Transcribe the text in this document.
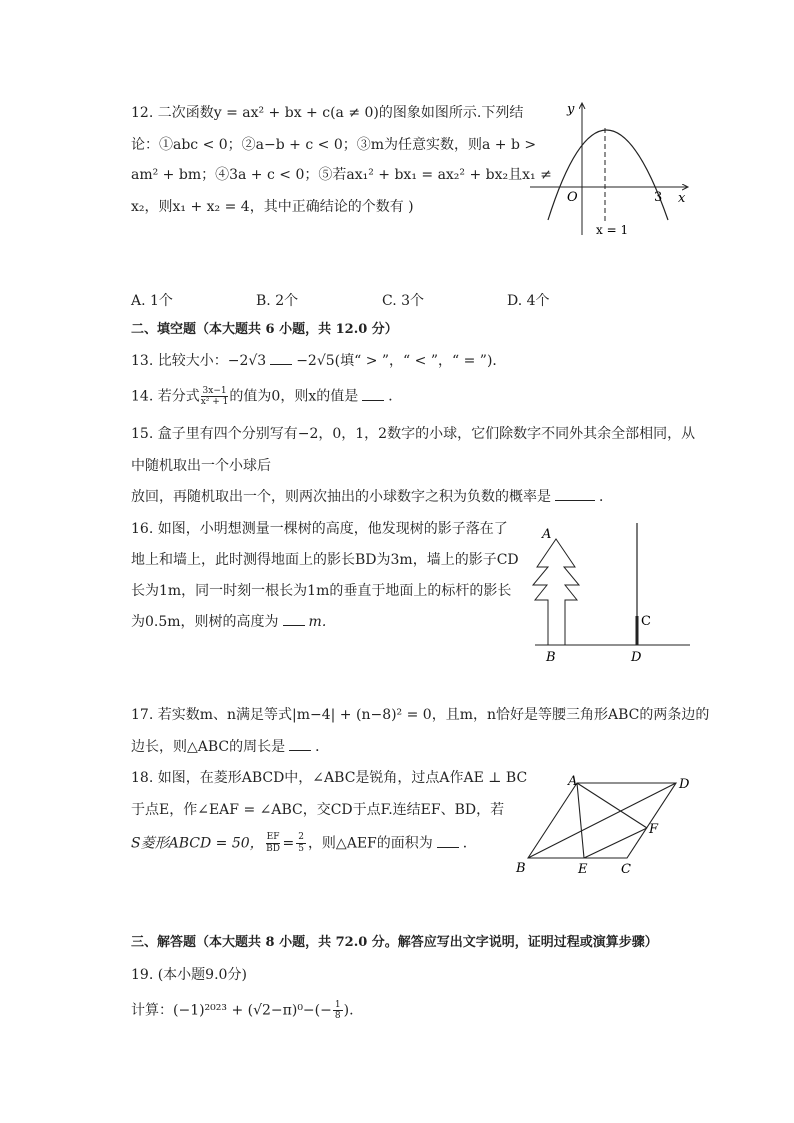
12. 二次函数y = ax² + bx + c(a ≠ 0)的图象如图所示.下列结
论：①abc < 0；②a−b + c < 0；③m为任意实数，则a + b >
am² + bm；④3a + c < 0；⑤若ax₁² + bx₁ = ax₂² + bx₂且x₁ ≠
x₂，则x₁ + x₂ = 4，其中正确结论的个数有 )
y
x
O	3
x = 1
A. 1个	B. 2个	C. 3个	D. 4个
二、填空题（本大题共 6 小题，共 12.0 分）
13. 比较大小：−2√3 −2√5(填“ > ”，“ < ”，“ = ”)．
14. 若分式 $\frac{3x-1}{\text{x² + 1}}$ 的值为0，则x的值是 ．
15. 盒子里有四个分别写有−2，0，1，2数字的小球，它们除数字不同外其余全部相同，从
中随机取出一个小球后
放回，再随机取出一个，则两次抽出的小球数字之积为负数的概率是	．
16. 如图，小明想测量一棵树的高度，他发现树的影子落在了
地上和墙上，此时测得地面上的影长BD为3m，墙上的影子CD
长为1m，同一时刻一根长为1m的垂直于地面上的标杆的影长
为0.5m，则树的高度为 m.
A
B
C
D
17. 若实数m、n满足等式|m−4| + (n−8)² = 0，且m，n恰好是等腰三角形ABC的两条边的
边长，则△ABC的周长是 ．
18. 如图，在菱形ABCD中，∠ABC是锐角，过点A作AE ⊥ BC
于点E，作∠EAF = ∠ABC，交CD于点F.连结EF、BD，若
S菱形ABCD = 50， $\frac{EF}{BD} = \frac{2}{5}$ ，则△AEF的面积为 ．
A	D
B	E	C
F
三、解答题（本大题共 8 小题，共 72.0 分。解答应写出文字说明，证明过程或演算步骤）
19. (本小题9.0分)
计算：$(-1)^{2023} + (√2-\pi)^0-(- \frac{1}{8}$ ).
